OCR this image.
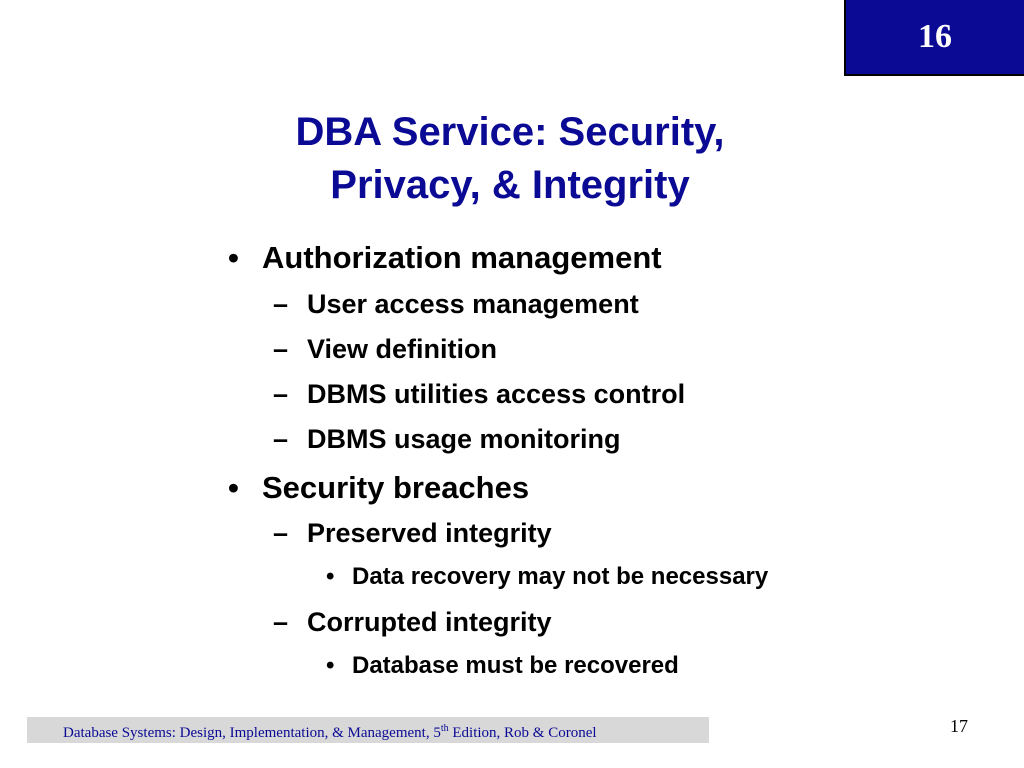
16
DBA Service: Security,
Privacy, & Integrity
• Authorization management
– User access management
– View definition
– DBMS utilities access control
– DBMS usage monitoring
• Security breaches
– Preserved integrity
• Data recovery may not be necessary
– Corrupted integrity
• Database must be recovered
Database Systems: Design, Implementation, & Management, 5th Edition, Rob & Coronel	17
